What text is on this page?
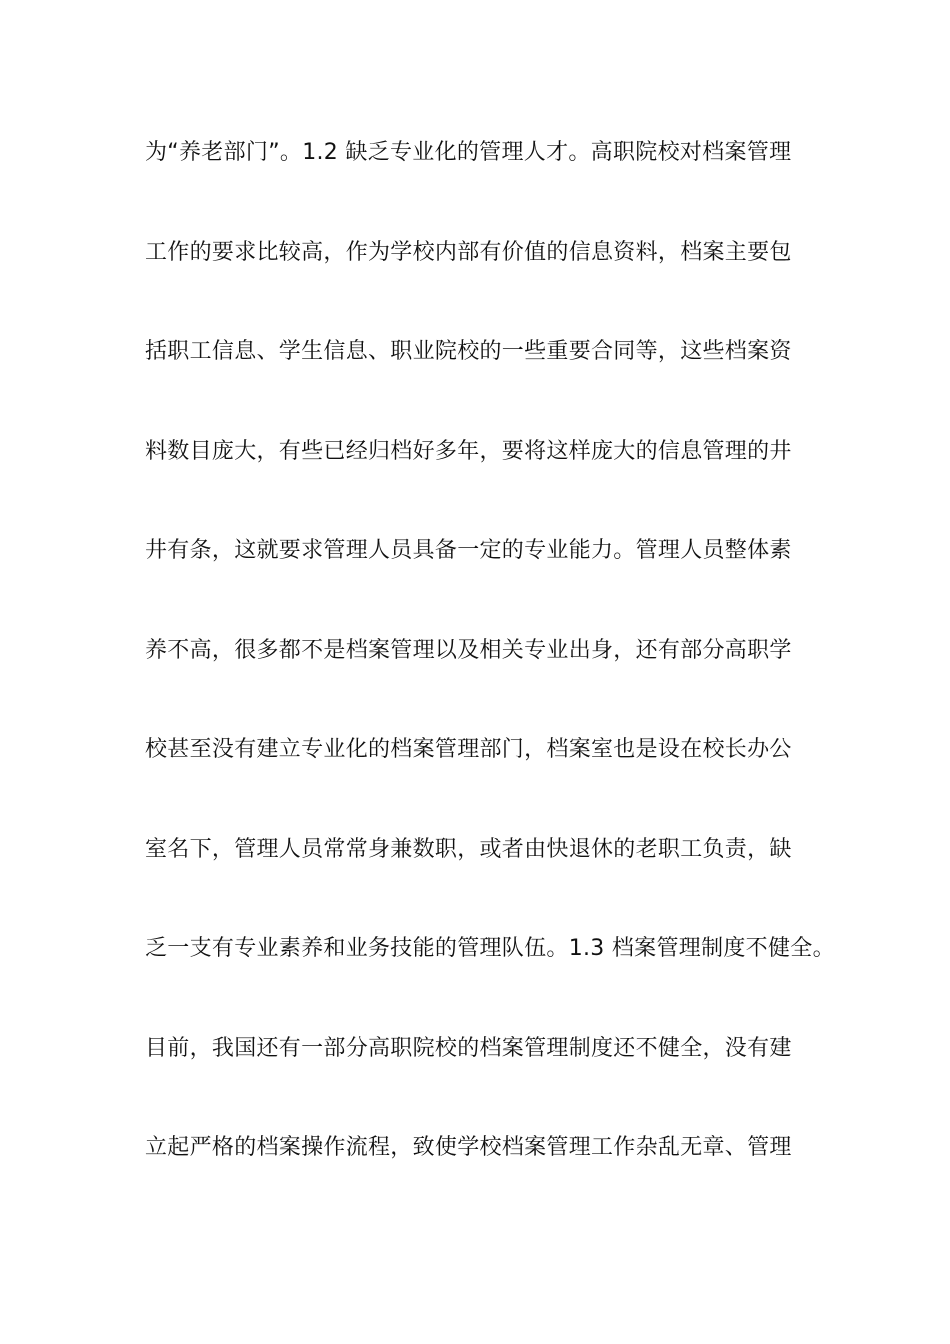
为“养老部门”。1.2 缺乏专业化的管理人才。高职院校对档案管理
工作的要求比较高，作为学校内部有价值的信息资料，档案主要包
括职工信息、学生信息、职业院校的一些重要合同等，这些档案资
料数目庞大，有些已经归档好多年，要将这样庞大的信息管理的井
井有条，这就要求管理人员具备一定的专业能力。管理人员整体素
养不高，很多都不是档案管理以及相关专业出身，还有部分高职学
校甚至没有建立专业化的档案管理部门，档案室也是设在校长办公
室名下，管理人员常常身兼数职，或者由快退休的老职工负责，缺
乏一支有专业素养和业务技能的管理队伍。1.3 档案管理制度不健全。
目前，我国还有一部分高职院校的档案管理制度还不健全，没有建
立起严格的档案操作流程，致使学校档案管理工作杂乱无章、管理
